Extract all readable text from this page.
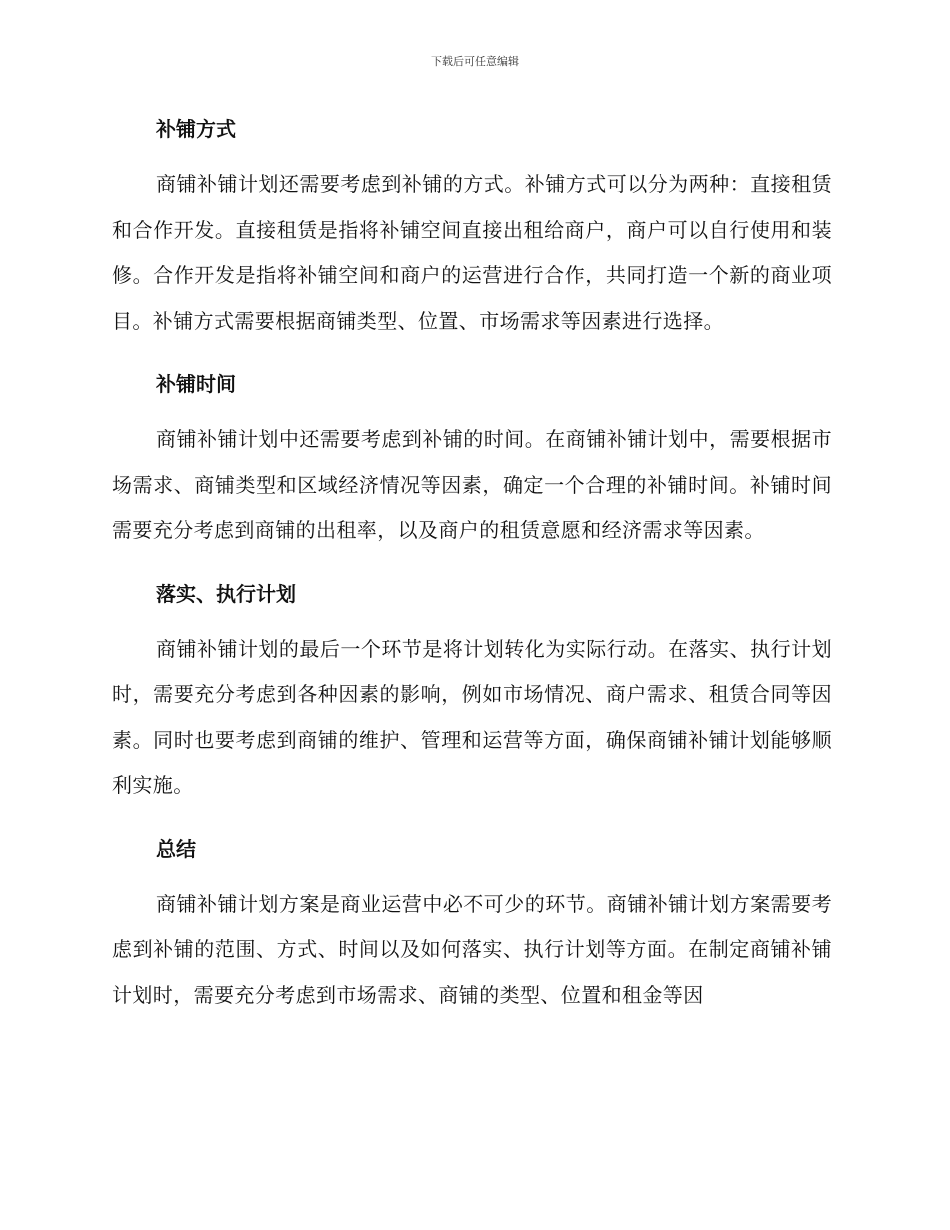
下载后可任意编辑
补铺方式

商铺补铺计划还需要考虑到补铺的方式。补铺方式可以分为两种：直接租赁和合作开发。直接租赁是指将补铺空间直接出租给商户，商户可以自行使用和装修。合作开发是指将补铺空间和商户的运营进行合作，共同打造一个新的商业项目。补铺方式需要根据商铺类型、位置、市场需求等因素进行选择。

补铺时间

商铺补铺计划中还需要考虑到补铺的时间。在商铺补铺计划中，需要根据市场需求、商铺类型和区域经济情况等因素，确定一个合理的补铺时间。补铺时间需要充分考虑到商铺的出租率，以及商户的租赁意愿和经济需求等因素。

落实、执行计划

商铺补铺计划的最后一个环节是将计划转化为实际行动。在落实、执行计划时，需要充分考虑到各种因素的影响，例如市场情况、商户需求、租赁合同等因素。同时也要考虑到商铺的维护、管理和运营等方面，确保商铺补铺计划能够顺利实施。

总结

商铺补铺计划方案是商业运营中必不可少的环节。商铺补铺计划方案需要考虑到补铺的范围、方式、时间以及如何落实、执行计划等方面。在制定商铺补铺计划时，需要充分考虑到市场需求、商铺的类型、位置和租金等因
